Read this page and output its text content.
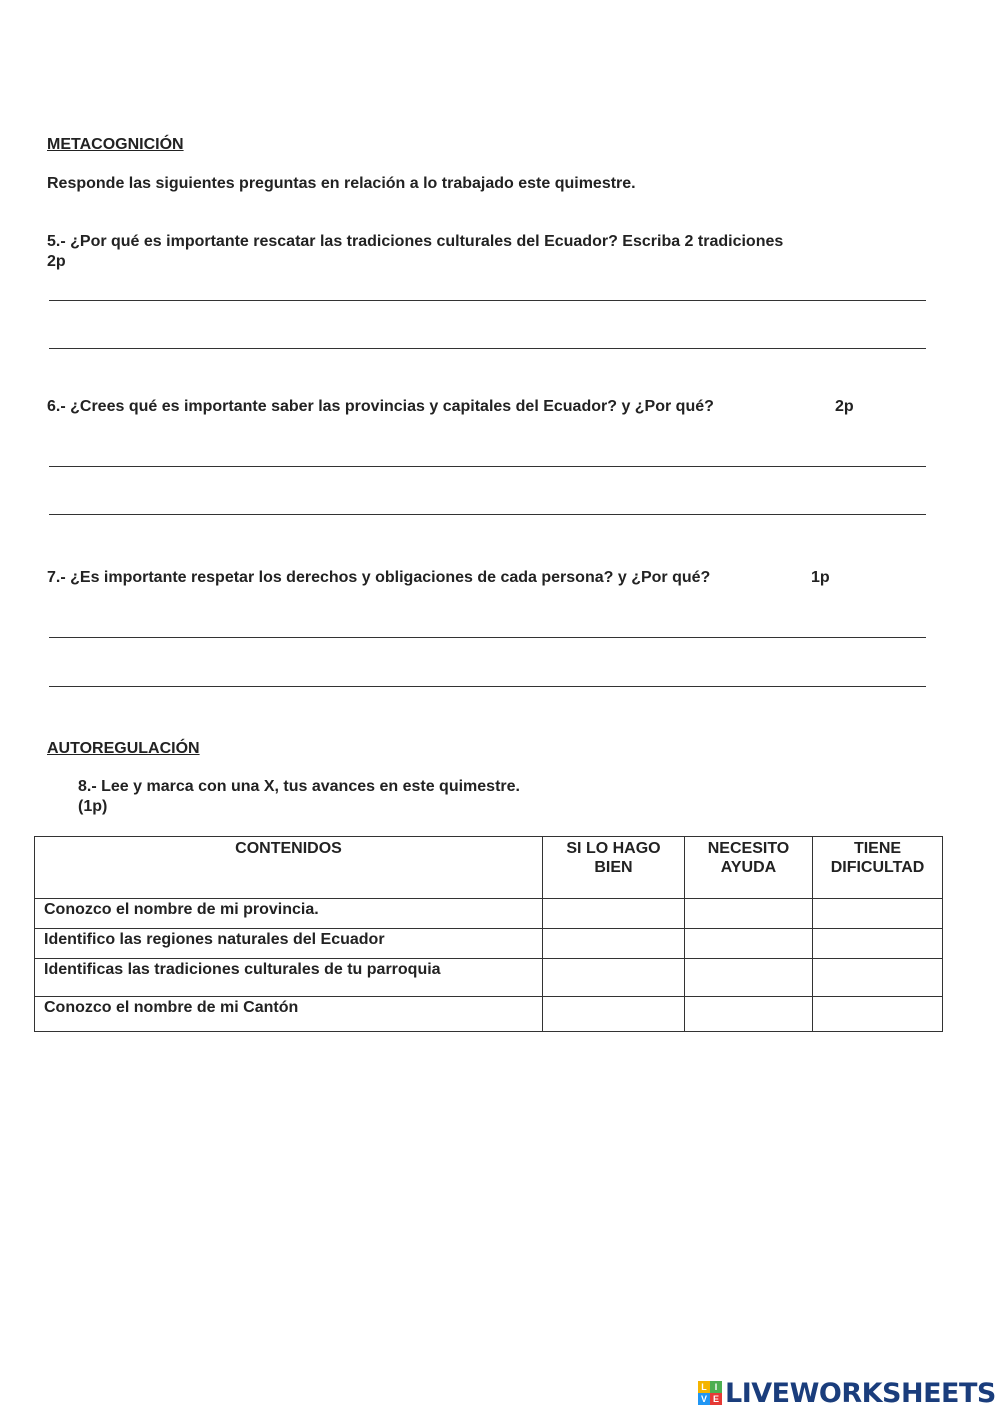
METACOGNICIÓN
Responde las siguientes preguntas en relación a lo trabajado este quimestre.
5.- ¿Por qué es importante rescatar las tradiciones culturales del Ecuador? Escriba 2 tradiciones
2p
6.- ¿Crees qué es importante saber las provincias y capitales del Ecuador? y ¿Por qué?	2p
7.- ¿Es importante respetar los derechos y obligaciones de cada persona? y ¿Por qué?	1p
AUTOREGULACIÓN
8.- Lee y marca con una X, tus avances en este quimestre.
(1p)
CONTENIDOS	SI LO HAGO BIEN	NECESITO AYUDA	TIENE DIFICULTAD
Conozco el nombre de mi provincia.			
Identifico las regiones naturales del Ecuador			
Identificas las tradiciones culturales de tu parroquia			
Conozco el nombre de mi Cantón			
L I
V E LIVEWORKSHEETS
